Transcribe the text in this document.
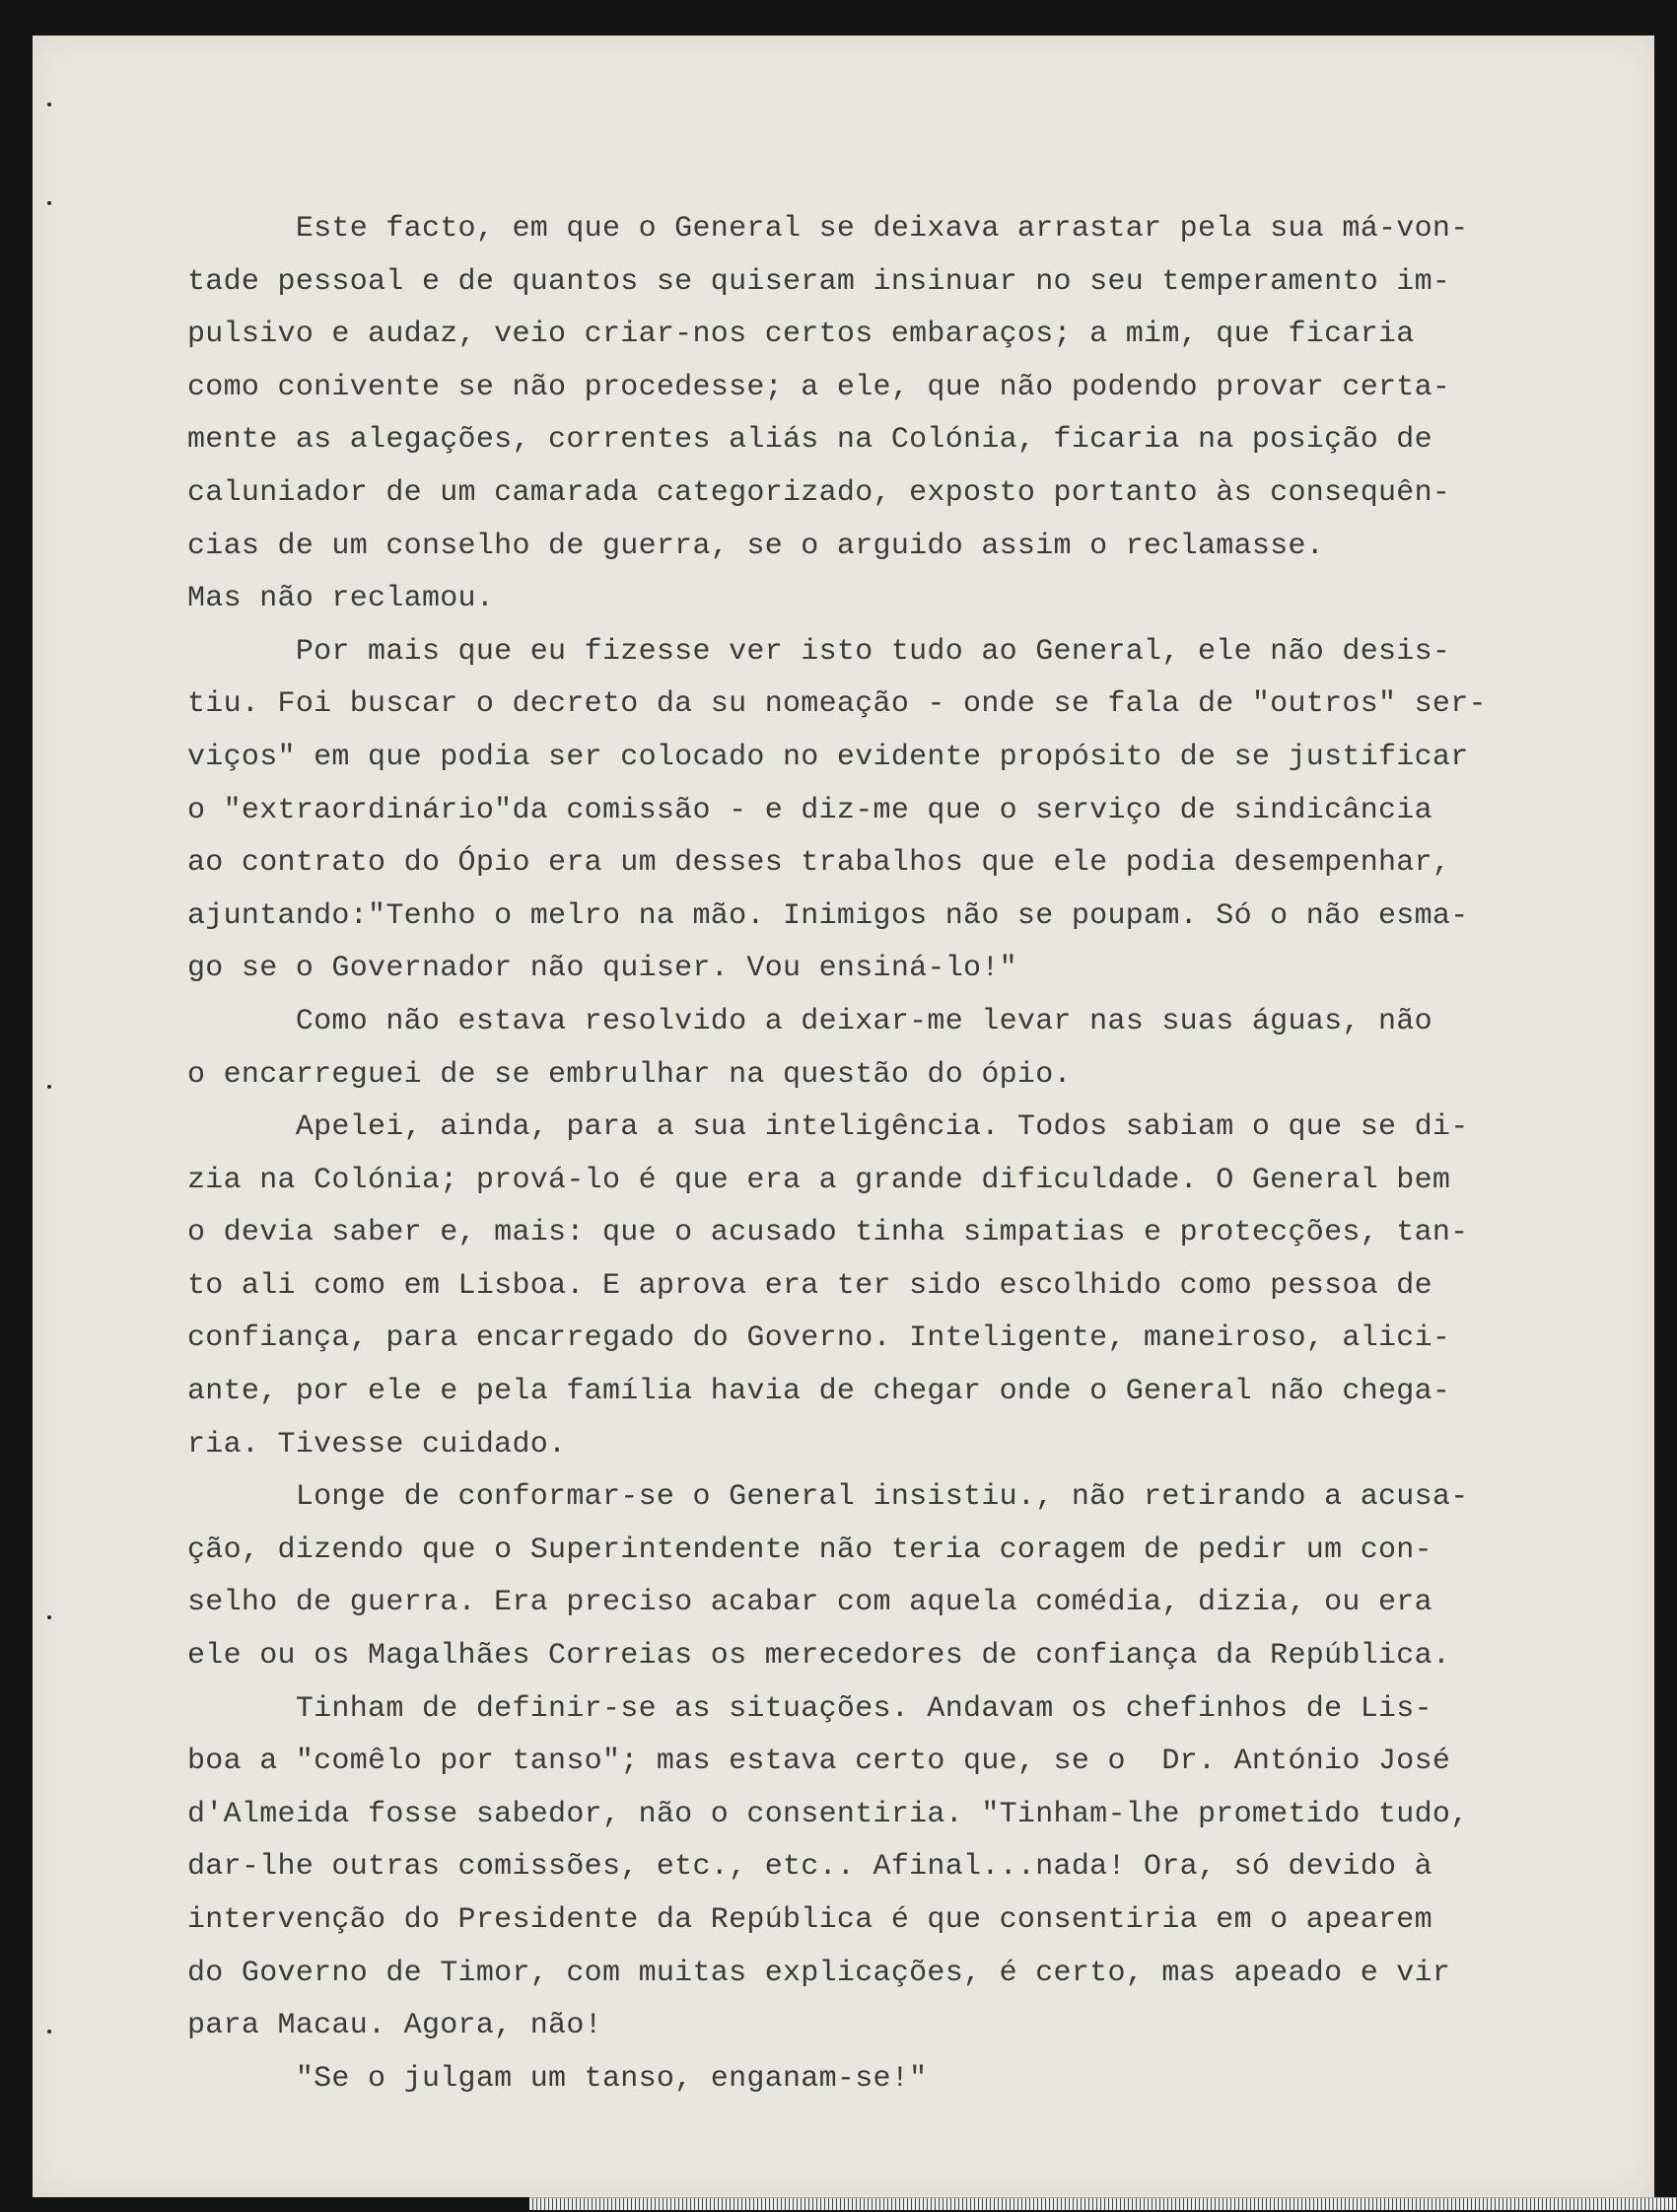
Este facto, em que o General se deixava arrastar pela sua má-von-
tade pessoal e de quantos se quiseram insinuar no seu temperamento im-
pulsivo e audaz, veio criar-nos certos embaraços; a mim, que ficaria
como conivente se não procedesse; a ele, que não podendo provar certa-
mente as alegações, correntes aliás na Colónia, ficaria na posição de
caluniador de um camarada categorizado, exposto portanto às consequên-
cias de um conselho de guerra, se o arguido assim o reclamasse.
Mas não reclamou.
Por mais que eu fizesse ver isto tudo ao General, ele não desis-
tiu. Foi buscar o decreto da su nomeação - onde se fala de "outros" ser-
viços" em que podia ser colocado no evidente propósito de se justificar
o "extraordinário"da comissão - e diz-me que o serviço de sindicância
ao contrato do Ópio era um desses trabalhos que ele podia desempenhar,
ajuntando:"Tenho o melro na mão. Inimigos não se poupam. Só o não esma-
go se o Governador não quiser. Vou ensiná-lo!"
Como não estava resolvido a deixar-me levar nas suas águas, não
o encarreguei de se embrulhar na questão do ópio.
Apelei, ainda, para a sua inteligência. Todos sabiam o que se di-
zia na Colónia; prová-lo é que era a grande dificuldade. O General bem
o devia saber e, mais: que o acusado tinha simpatias e protecções, tan-
to ali como em Lisboa. E aprova era ter sido escolhido como pessoa de
confiança, para encarregado do Governo. Inteligente, maneiroso, alici-
ante, por ele e pela família havia de chegar onde o General não chega-
ria. Tivesse cuidado.
Longe de conformar-se o General insistiu., não retirando a acusa-
ção, dizendo que o Superintendente não teria coragem de pedir um con-
selho de guerra. Era preciso acabar com aquela comédia, dizia, ou era
ele ou os Magalhães Correias os merecedores de confiança da República.
Tinham de definir-se as situações. Andavam os chefinhos de Lis-
boa a "comêlo por tanso"; mas estava certo que, se o  Dr. António José
d'Almeida fosse sabedor, não o consentiria. "Tinham-lhe prometido tudo,
dar-lhe outras comissões, etc., etc.. Afinal...nada! Ora, só devido à
intervenção do Presidente da República é que consentiria em o apearem
do Governo de Timor, com muitas explicações, é certo, mas apeado e vir
para Macau. Agora, não!
"Se o julgam um tanso, enganam-se!"
